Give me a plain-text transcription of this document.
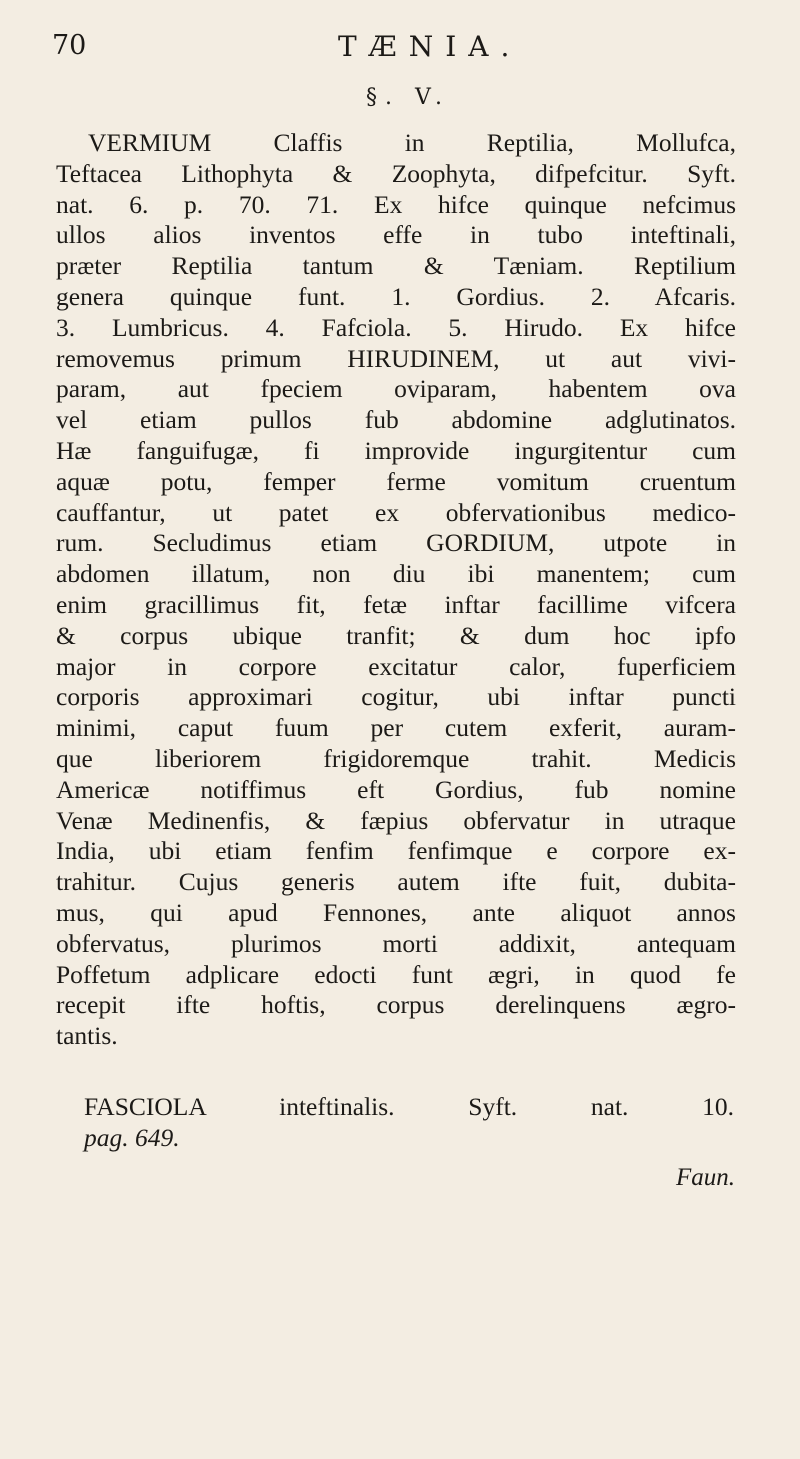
70	TÆNIA.
§. V.
VERMIUM Claffis in Reptilia, Mollufca,
Teftacea Lithophyta & Zoophyta, difpefcitur. Syft.
nat. 6. p. 70. 71. Ex hifce quinque nefcimus
ullos alios inventos effe in tubo inteftinali,
præter Reptilia tantum & Tæniam. Reptilium
genera quinque funt. 1. Gordius. 2. Afcaris.
3. Lumbricus. 4. Fafciola. 5. Hirudo. Ex hifce
removemus primum HIRUDINEM, ut aut vivi-
param, aut fpeciem oviparam, habentem ova
vel etiam pullos fub abdomine adglutinatos.
Hæ fanguifugæ, fi improvide ingurgitentur cum
aquæ potu, femper ferme vomitum cruentum
cauffantur, ut patet ex obfervationibus medico-
rum. Secludimus etiam GORDIUM, utpote in
abdomen illatum, non diu ibi manentem; cum
enim gracillimus fit, fetæ inftar facillime vifcera
& corpus ubique tranfit; & dum hoc ipfo
major in corpore excitatur calor, fuperficiem
corporis approximari cogitur, ubi inftar puncti
minimi, caput fuum per cutem exferit, auram-
que liberiorem frigidoremque trahit. Medicis
Americæ notiffimus eft Gordius, fub nomine
Venæ Medinenfis, & fæpius obfervatur in utraque
India, ubi etiam fenfim fenfimque e corpore ex-
trahitur. Cujus generis autem ifte fuit, dubita-
mus, qui apud Fennones, ante aliquot annos
obfervatus, plurimos morti addixit, antequam
Poffetum adplicare edocti funt ægri, in quod fe
recepit ifte hoftis, corpus derelinquens ægro-
tantis.
FASCIOLA inteftinalis. Syft. nat. 10.
pag. 649.
Faun.
